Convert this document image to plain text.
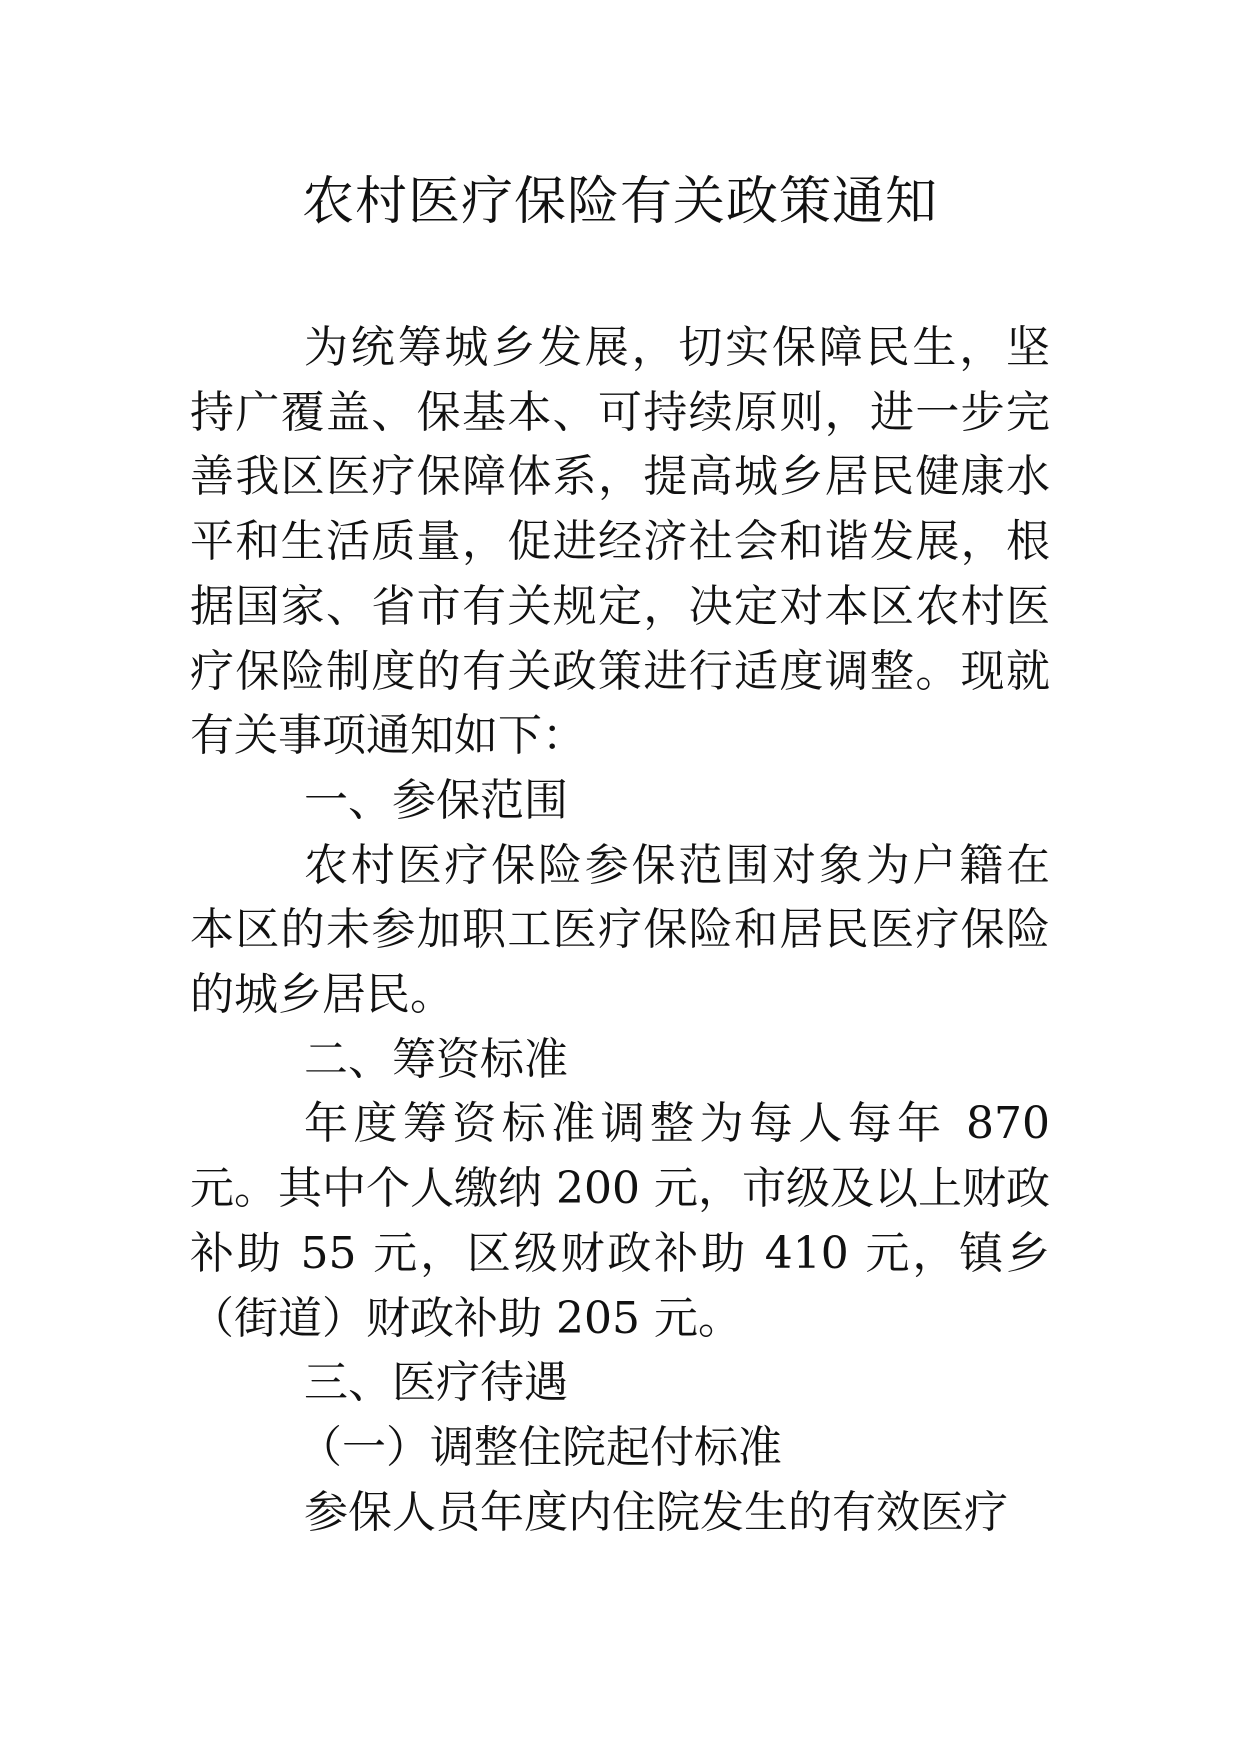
农村医疗保险有关政策通知

为统筹城乡发展，切实保障民生，坚持广覆盖、保基本、可持续原则，进一步完善我区医疗保障体系，提高城乡居民健康水平和生活质量，促进经济社会和谐发展，根据国家、省市有关规定，决定对本区农村医疗保险制度的有关政策进行适度调整。现就有关事项通知如下：

一、参保范围

农村医疗保险参保范围对象为户籍在本区的未参加职工医疗保险和居民医疗保险的城乡居民。

二、筹资标准

年度筹资标准调整为每人每年 870 元。其中个人缴纳 200 元，市级及以上财政补助 55 元，区级财政补助 410 元，镇乡（街道）财政补助 205 元。

三、医疗待遇

（一）调整住院起付标准

参保人员年度内住院发生的有效医疗
